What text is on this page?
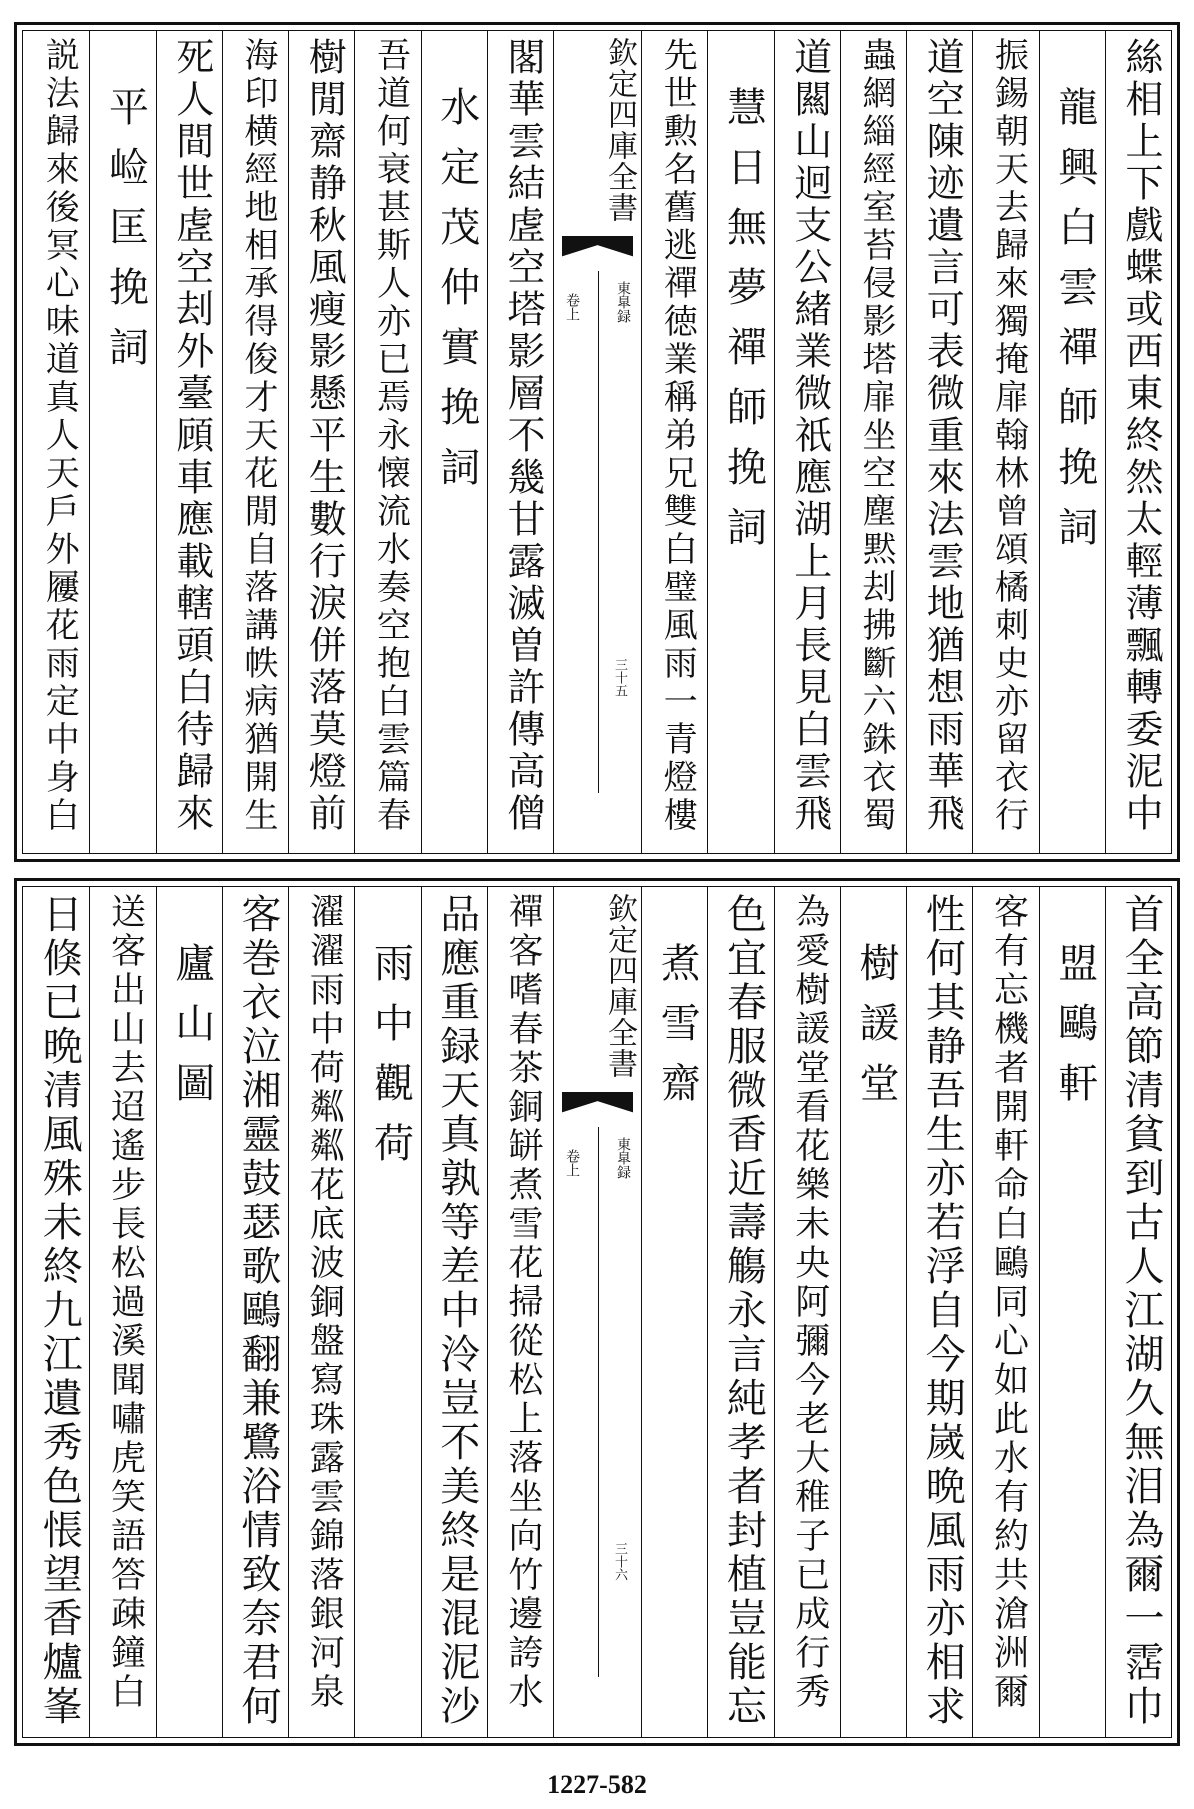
絲相上下戲蝶或西東終然太輕薄飄轉委泥中
龍興白雲禪師挽詞
振錫朝天去歸來獨掩扉翰林曾頌橘刺史亦留衣行
道空陳迹遺言可表微重來法雲地猶想雨華飛
蟲網緇經室苔侵影塔扉坐空塵黙刦拂斷六銖衣蜀
道闗山迥支公緒業微祇應湖上月長見白雲飛
慧日無夢禪師挽詞
先世勲名舊逃禪徳業稱弟兄雙白璧風雨一青燈樓
欽定四庫全書
東臯録
卷上
三十五
閣華雲結虗空塔影層不㡬甘露滅曽許傳高僧
水定茂仲實挽詞
吾道何衰甚斯人亦已焉永懐流水奏空抱白雲篇春
樹閒齋静秋風瘦影懸平生數行淚併落莫燈前
海印横經地相承得俊才天花閒自落講帙病猶開生
死人間世虗空刦外臺頋車應載轄頭白待歸來
平崄匡挽詞
説法歸來後冥心味道真人天戶外屨花雨定中身白
首全高節清貧到古人江湖久無泪為爾一霑巾
盟鷗軒
客有忘機者開軒命白鷗同心如此水有約共滄洲爾
性何其静吾生亦若浮自今期嵗晩風雨亦相求
樹諼堂
為愛樹諼堂看花樂未央阿彌今老大稚子已成行秀
色宜春服微香近壽觴永言純孝者封植豈能忘
煮雪齋
欽定四庫全書
東臯録
卷上
三十六
禪客嗜春茶銅缾煮雪花掃從松上落坐向竹邊誇水
品應重録天真孰等差中泠豈不美終是混泥沙
雨中觀荷
濯濯雨中荷粼粼花底波銅盤寫珠露雲錦落銀河泉
客巻衣泣湘靈鼓瑟歌鷗翻兼鷺浴情致奈君何
廬山圖
送客出山去迢遙步長松過溪聞嘯虎笑語答疎鐘白
日倏已晩清風殊未終九江遺秀色悵望香爐峯
1227-582
